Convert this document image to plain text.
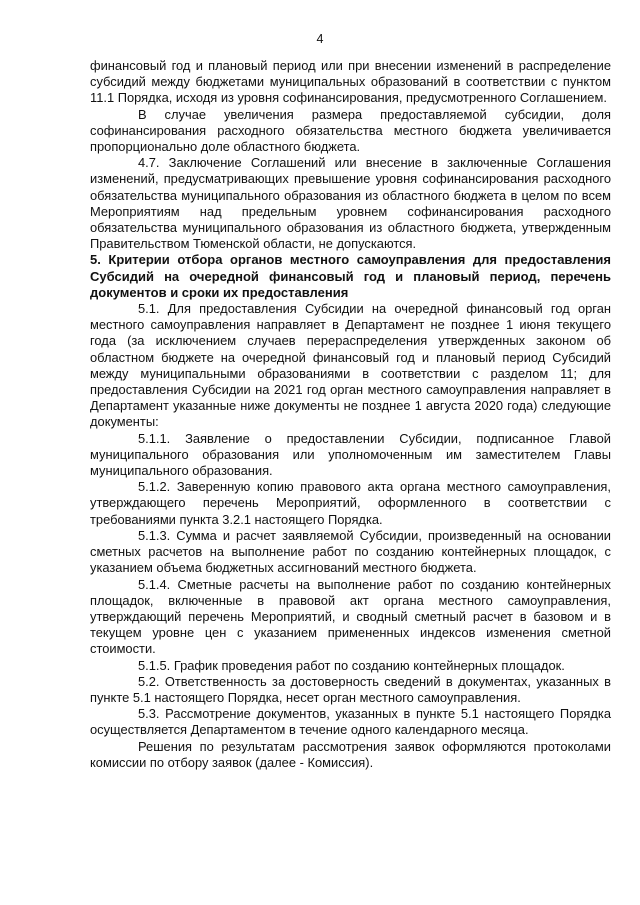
4

финансовый год и плановый период или при внесении изменений в распределение субсидий между бюджетами муниципальных образований в соответствии с пунктом 11.1 Порядка, исходя из уровня софинансирования, предусмотренного Соглашением.

В случае увеличения размера предоставляемой субсидии, доля софинансирования расходного обязательства местного бюджета увеличивается пропорционально доле областного бюджета.

4.7. Заключение Соглашений или внесение в заключенные Соглашения изменений, предусматривающих превышение уровня софинансирования расходного обязательства муниципального образования из областного бюджета в целом по всем Мероприятиям над предельным уровнем софинансирования расходного обязательства муниципального образования из областного бюджета, утвержденным Правительством Тюменской области, не допускаются.

5. Критерии отбора органов местного самоуправления для предоставления Субсидий на очередной финансовый год и плановый период, перечень документов и сроки их предоставления

5.1. Для предоставления Субсидии на очередной финансовый год орган местного самоуправления направляет в Департамент не позднее 1 июня текущего года (за исключением случаев перераспределения утвержденных законом об областном бюджете на очередной финансовый год и плановый период Субсидий между муниципальными образованиями в соответствии с разделом 11; для предоставления Субсидии на 2021 год орган местного самоуправления направляет в Департамент указанные ниже документы не позднее 1 августа 2020 года) следующие документы:

5.1.1. Заявление о предоставлении Субсидии, подписанное Главой муниципального образования или уполномоченным им заместителем Главы муниципального образования.

5.1.2. Заверенную копию правового акта органа местного самоуправления, утверждающего перечень Мероприятий, оформленного в соответствии с требованиями пункта 3.2.1 настоящего Порядка.

5.1.3. Сумма и расчет заявляемой Субсидии, произведенный на основании сметных расчетов на выполнение работ по созданию контейнерных площадок, с указанием объема бюджетных ассигнований местного бюджета.

5.1.4. Сметные расчеты на выполнение работ по созданию контейнерных площадок, включенные в правовой акт органа местного самоуправления, утверждающий перечень Мероприятий, и сводный сметный расчет в базовом и в текущем уровне цен с указанием примененных индексов изменения сметной стоимости.

5.1.5. График проведения работ по созданию контейнерных площадок.

5.2. Ответственность за достоверность сведений в документах, указанных в пункте 5.1 настоящего Порядка, несет орган местного самоуправления.

5.3. Рассмотрение документов, указанных в пункте 5.1 настоящего Порядка осуществляется Департаментом в течение одного календарного месяца.

Решения по результатам рассмотрения заявок оформляются протоколами комиссии по отбору заявок (далее - Комиссия).
